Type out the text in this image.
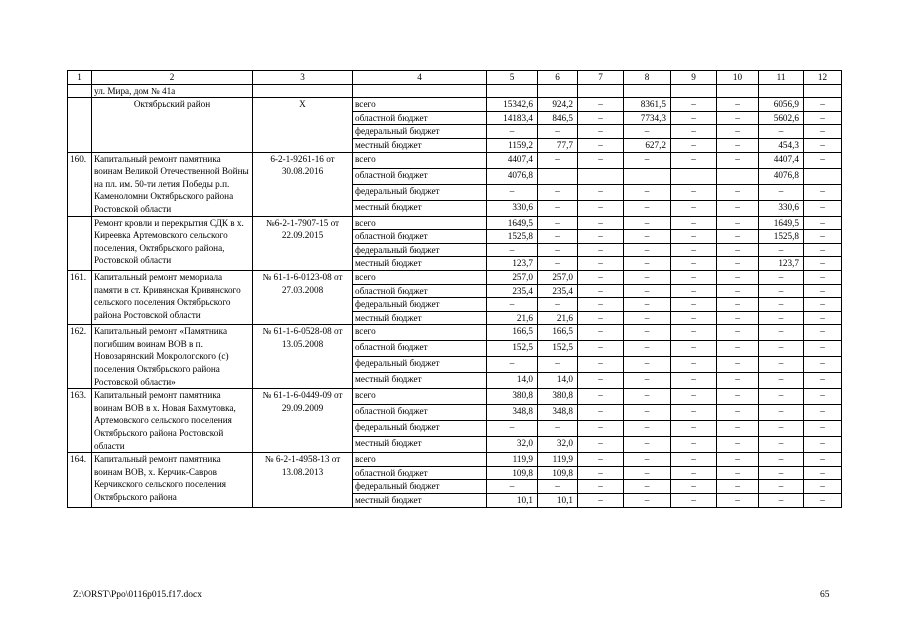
1	2	3	4	5	6	7	8	9	10	11	12
	ул. Мира, дом № 41а										
	Октябрьский район	X	всего	15342,6	924,2	–	8361,5	–	–	6056,9	–
			областной бюджет	14183,4	846,5	–	7734,3	–	–	5602,6	–
			федеральный бюджет	–	–	–	–	–	–	–	–
			местный бюджет	1159,2	77,7	–	627,2	–	–	454,3	–
160.	Капитальный ремонт памятника воинам Великой Отечественной Войны на пл. им. 50-ти летия Победы р.п. Каменоломни Октябрьского района Ростовской области	6-2-1-9261-16 от 30.08.2016	всего	4407,4	–	–	–	–	–	4407,4	–
			областной бюджет	4076,8						4076,8	
			федеральный бюджет	–	–	–	–	–	–	–	–
			местный бюджет	330,6	–	–	–	–	–	330,6	–
	Ремонт кровли и перекрытия СДК в х. Киреевка Артемовского сельского поселения, Октябрьского района, Ростовской области	№6-2-1-7907-15 от 22.09.2015	всего	1649,5	–	–	–	–	–	1649,5	–
			областной бюджет	1525,8	–	–	–	–	–	1525,8	–
			федеральный бюджет	–	–	–	–	–	–	–	–
			местный бюджет	123,7	–	–	–	–	–	123,7	–
161.	Капитальный ремонт мемориала памяти в ст. Кривянская Кривянского сельского поселения Октябрьского района Ростовской области	№ 61-1-6-0123-08 от 27.03.2008	всего	257,0	257,0	–	–	–	–	–	–
			областной бюджет	235,4	235,4	–	–	–	–	–	–
			федеральный бюджет	–	–	–	–	–	–	–	–
			местный бюджет	21,6	21,6	–	–	–	–	–	–
162.	Капитальный ремонт «Памятника погибшим воинам ВОВ в п. Новозарянский Мокрологского (с) поселения Октябрьского района Ростовской области»	№ 61-1-6-0528-08 от 13.05.2008	всего	166,5	166,5	–	–	–	–	–	–
			областной бюджет	152,5	152,5	–	–	–	–	–	–
			федеральный бюджет	–	–	–	–	–	–	–	–
			местный бюджет	14,0	14,0	–	–	–	–	–	–
163.	Капитальный ремонт памятника воинам ВОВ в х. Новая Бахмутовка, Артемовского сельского поселения Октябрьского района Ростовской области	№ 61-1-6-0449-09 от 29.09.2009	всего	380,8	380,8	–	–	–	–	–	–
			областной бюджет	348,8	348,8	–	–	–	–	–	–
			федеральный бюджет	–	–	–	–	–	–	–	–
			местный бюджет	32,0	32,0	–	–	–	–	–	–
164.	Капитальный ремонт памятника воинам ВОВ, х. Керчик-Савров Керчикского сельского поселения Октябрьского района	№ 6-2-1-4958-13 от 13.08.2013	всего	119,9	119,9	–	–	–	–	–	–
			областной бюджет	109,8	109,8	–	–	–	–	–	–
			федеральный бюджет	–	–	–	–	–	–	–	–
			местный бюджет	10,1	10,1	–	–	–	–	–	–
Z:\ORST\Ppo\0116p015.f17.docx	65
